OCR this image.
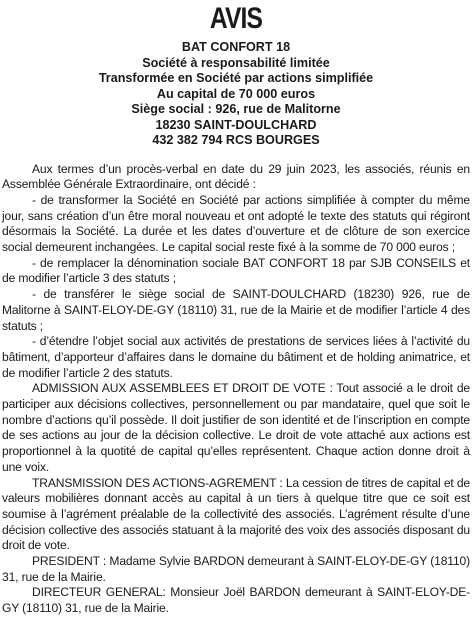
AVIS
BAT CONFORT 18
Société à responsabilité limitée
Transformée en Société par actions simplifiée
Au capital de 70 000 euros
Siège social : 926, rue de Malitorne
18230 SAINT-DOULCHARD
432 382 794 RCS BOURGES

Aux termes d’un procès-verbal en date du 29 juin 2023, les associés, réunis en Assemblée Générale Extraordinaire, ont décidé :

- de transformer la Société en Société par actions simplifiée à compter du même jour, sans création d’un être moral nouveau et ont adopté le texte des statuts qui régiront désormais la Société. La durée et les dates d’ouverture et de clôture de son exercice social demeurent inchangées. Le capital social reste fixé à la somme de 70 000 euros ;

- de remplacer la dénomination sociale BAT CONFORT 18 par SJB CONSEILS et de modifier l’article 3 des statuts ;

- de transférer le siège social de SAINT-DOULCHARD (18230) 926, rue de Malitorne à SAINT-ELOY-DE-GY (18110) 31, rue de la Mairie et de modifier l’article 4 des statuts ;

- d’étendre l’objet social aux activités de prestations de services liées à l’activité du bâtiment, d’apporteur d’affaires dans le domaine du bâtiment et de holding animatrice, et de modifier l’article 2 des statuts.

ADMISSION AUX ASSEMBLEES ET DROIT DE VOTE : Tout associé a le droit de participer aux décisions collectives, personnellement ou par mandataire, quel que soit le nombre d’actions qu’il possède. Il doit justifier de son identité et de l’inscription en compte de ses actions au jour de la décision collective. Le droit de vote attaché aux actions est proportionnel à la quotité de capital qu’elles représentent. Chaque action donne droit à une voix.

TRANSMISSION DES ACTIONS-AGREMENT : La cession de titres de capital et de valeurs mobilières donnant accès au capital à un tiers à quelque titre que ce soit est soumise à l’agrément préalable de la collectivité des associés. L’agrément résulte d’une décision collective des associés statuant à la majorité des voix des associés disposant du droit de vote.

PRESIDENT : Madame Sylvie BARDON demeurant à SAINT-ELOY-DE-GY (18110) 31, rue de la Mairie.

DIRECTEUR GENERAL: Monsieur Joël BARDON demeurant à SAINT-ELOY-DE-GY (18110) 31, rue de la Mairie.
